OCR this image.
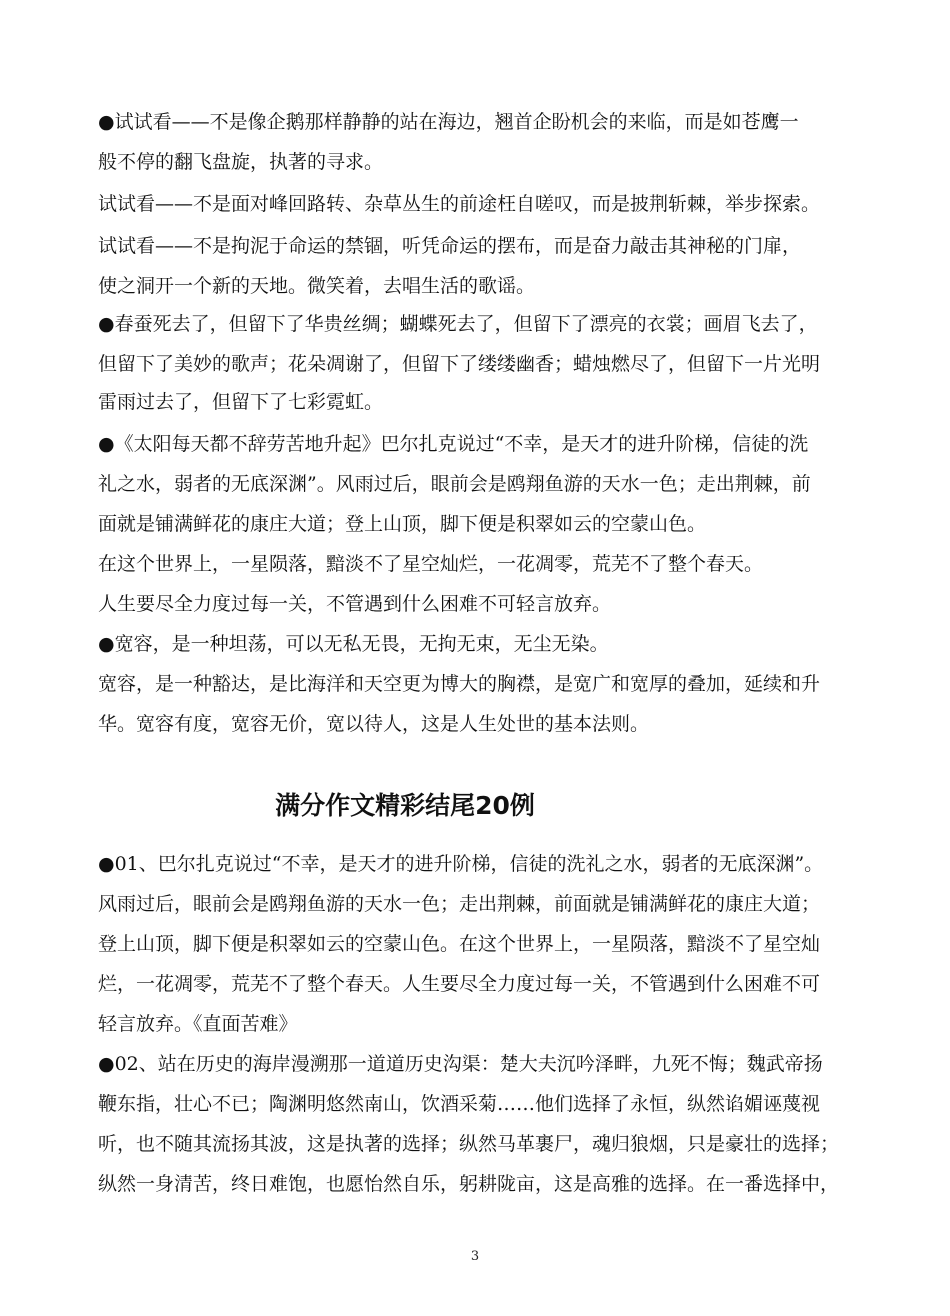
●试试看——不是像企鹅那样静静的站在海边，翘首企盼机会的来临，而是如苍鹰一

般不停的翻飞盘旋，执著的寻求。

试试看——不是面对峰回路转、杂草丛生的前途枉自嗟叹，而是披荆斩棘，举步探索。

试试看——不是拘泥于命运的禁锢，听凭命运的摆布，而是奋力敲击其神秘的门扉，

使之洞开一个新的天地。微笑着，去唱生活的歌谣。

●春蚕死去了，但留下了华贵丝绸；蝴蝶死去了，但留下了漂亮的衣裳；画眉飞去了，

但留下了美妙的歌声；花朵凋谢了，但留下了缕缕幽香；蜡烛燃尽了，但留下一片光明

雷雨过去了，但留下了七彩霓虹。

●《太阳每天都不辞劳苦地升起》巴尔扎克说过“不幸，是天才的进升阶梯，信徒的洗

礼之水，弱者的无底深渊”。风雨过后，眼前会是鸥翔鱼游的天水一色；走出荆棘，前

面就是铺满鲜花的康庄大道；登上山顶，脚下便是积翠如云的空蒙山色。

在这个世界上，一星陨落，黯淡不了星空灿烂，一花凋零，荒芜不了整个春天。

人生要尽全力度过每一关，不管遇到什么困难不可轻言放弃。

●宽容，是一种坦荡，可以无私无畏，无拘无束，无尘无染。

宽容，是一种豁达，是比海洋和天空更为博大的胸襟，是宽广和宽厚的叠加，延续和升

华。宽容有度，宽容无价，宽以待人，这是人生处世的基本法则。

满分作文精彩结尾20例

●01、巴尔扎克说过“不幸，是天才的进升阶梯，信徒的洗礼之水，弱者的无底深渊”。

风雨过后，眼前会是鸥翔鱼游的天水一色；走出荆棘，前面就是铺满鲜花的康庄大道；

登上山顶，脚下便是积翠如云的空蒙山色。在这个世界上，一星陨落，黯淡不了星空灿

烂，一花凋零，荒芜不了整个春天。人生要尽全力度过每一关，不管遇到什么困难不可

轻言放弃。《直面苦难》

●02、站在历史的海岸漫溯那一道道历史沟渠：楚大夫沉吟泽畔，九死不悔；魏武帝扬

鞭东指，壮心不已；陶渊明悠然南山，饮酒采菊……他们选择了永恒，纵然谄媚诬蔑视

听，也不随其流扬其波，这是执著的选择；纵然马革裹尸，魂归狼烟，只是豪壮的选择；

纵然一身清苦，终日难饱，也愿怡然自乐，躬耕陇亩，这是高雅的选择。在一番选择中，

3
